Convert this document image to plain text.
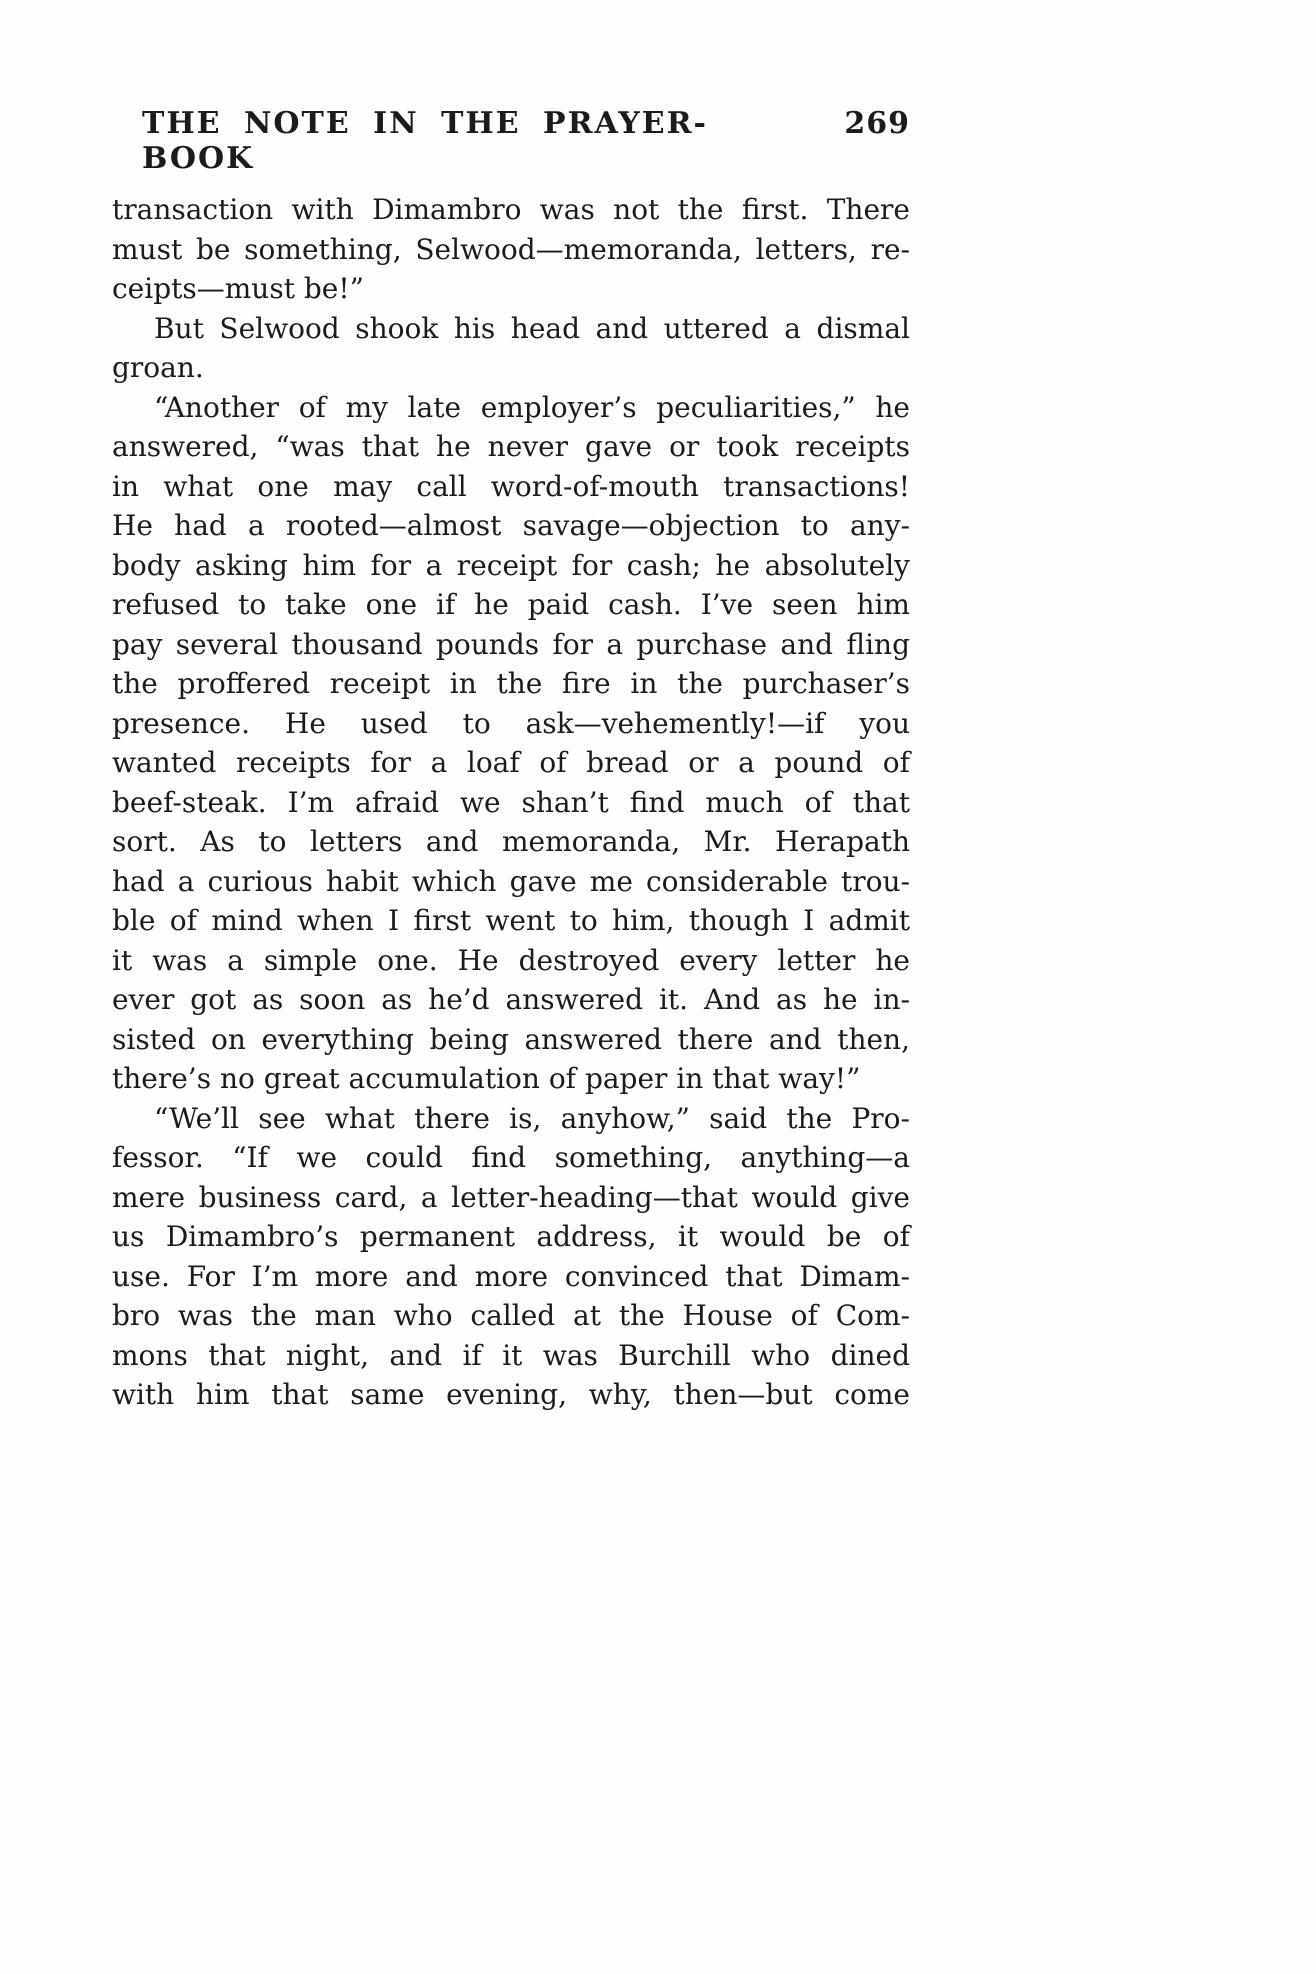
THE NOTE IN THE PRAYER-BOOK
269
transaction with Dimambro was not the first. There
must be something, Selwood—memoranda, letters, re-
ceipts—must be!”
But Selwood shook his head and uttered a dismal
groan.
“Another of my late employer’s peculiarities,” he
answered, “was that he never gave or took receipts
in what one may call word-of-mouth transactions!
He had a rooted—almost savage—objection to any-
body asking him for a receipt for cash; he absolutely
refused to take one if he paid cash. I’ve seen him
pay several thousand pounds for a purchase and fling
the proffered receipt in the fire in the purchaser’s
presence. He used to ask—vehemently!—if you
wanted receipts for a loaf of bread or a pound of
beef-steak. I’m afraid we shan’t find much of that
sort. As to letters and memoranda, Mr. Herapath
had a curious habit which gave me considerable trou-
ble of mind when I first went to him, though I admit
it was a simple one. He destroyed every letter he
ever got as soon as he’d answered it. And as he in-
sisted on everything being answered there and then,
there’s no great accumulation of paper in that way!”
“We’ll see what there is, anyhow,” said the Pro-
fessor. “If we could find something, anything—a
mere business card, a letter-heading—that would give
us Dimambro’s permanent address, it would be of
use. For I’m more and more convinced that Dimam-
bro was the man who called at the House of Com-
mons that night, and if it was Burchill who dined
with him that same evening, why, then—but come
